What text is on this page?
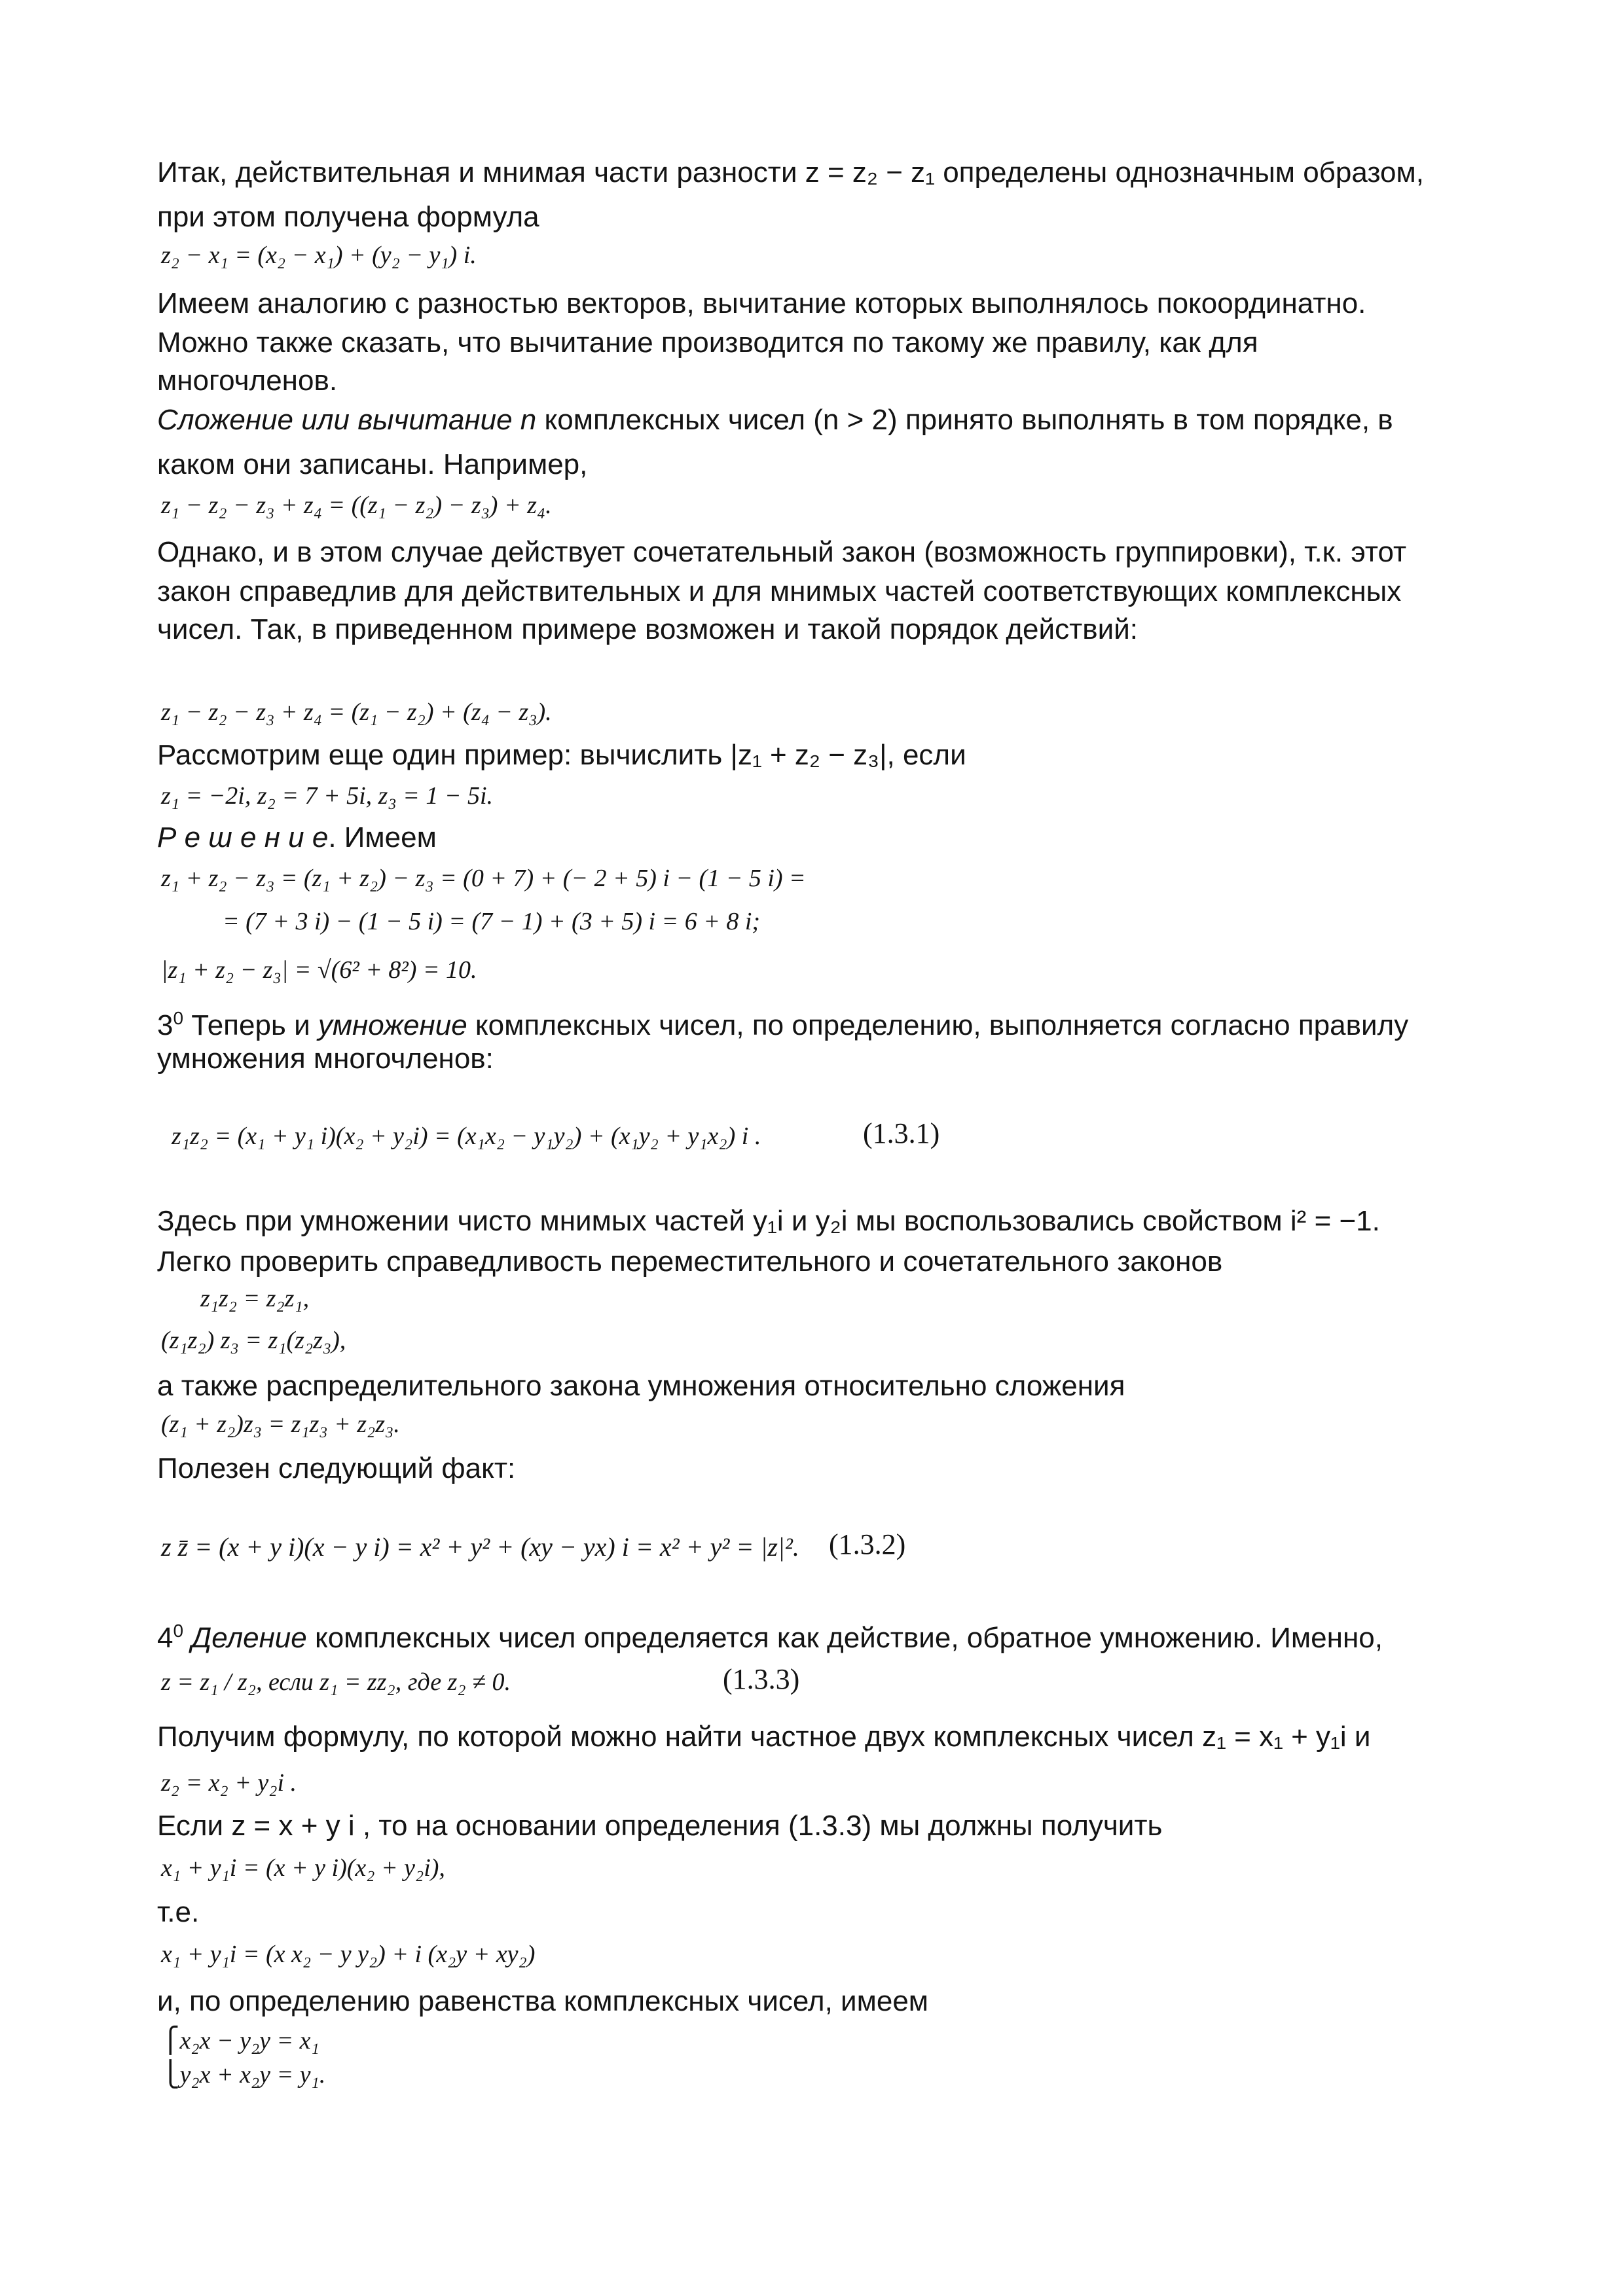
Итак, действительная и мнимая части разности z = z₂ − z₁ определены однозначным образом,
при этом получена формула
z₂ − x₁ = (x₂ − x₁) + (y₂ − y₁) i.
Имеем аналогию с разностью векторов, вычитание которых выполнялось покоординатно.
Можно также сказать, что вычитание производится по такому же правилу, как для
многочленов.
Сложение или вычитание n комплексных чисел (n > 2) принято выполнять в том порядке, в
каком они записаны. Например,
z₁ − z₂ − z₃ + z₄ = ((z₁ − z₂) − z₃) + z₄.
Однако, и в этом случае действует сочетательный закон (возможность группировки), т.к. этот
закон справедлив для действительных и для мнимых частей соответствующих комплексных
чисел. Так, в приведенном примере возможен и такой порядок действий:
z₁ − z₂ − z₃ + z₄ = (z₁ − z₂) + (z₄ − z₃).
Рассмотрим еще один пример: вычислить |z₁ + z₂ − z₃|, если
z₁ = −2i, z₂ = 7 + 5i, z₃ = 1 − 5i.
Р е ш е н и е. Имеем
z₁ + z₂ − z₃ = (z₁ + z₂) − z₃ = (0 + 7) + (− 2 + 5) i − (1 − 5 i) =
= (7 + 3 i) − (1 − 5 i) = (7 − 1) + (3 + 5) i = 6 + 8 i;
|z₁ + z₂ − z₃| = √(6² + 8²) = 10.
$3^0$ Теперь и умножение комплексных чисел, по определению, выполняется согласно правилу
умножения многочленов:
z₁z₂ = (x₁ + y₁ i)(x₂ + y₂i) = (x₁x₂ − y₁y₂) + (x₁y₂ + y₁x₂) i .	(1.3.1)
Здесь при умножении чисто мнимых частей y₁i и y₂i мы воспользовались свойством i² = −1.
Легко проверить справедливость переместительного и сочетательного законов
z₁z₂ = z₂z₁,
(z₁z₂) z₃ = z₁(z₂z₃),
а также распределительного закона умножения относительно сложения
(z₁ + z₂)z₃ = z₁z₃ + z₂z₃.
Полезен следующий факт:
z z̄ = (x + y i)(x − y i) = x² + y² + (xy − yx) i = x² + y² = |z|². (1.3.2)
$4^0$ Деление комплексных чисел определяется как действие, обратное умножению. Именно,
z = z₁ / z₂, если z₁ = zz₂, где z₂ ≠ 0.	(1.3.3)
Получим формулу, по которой можно найти частное двух комплексных чисел z₁ = x₁ + y₁i и
z₂ = x₂ + y₂i .
Если z = x + y i , то на основании определения (1.3.3) мы должны получить
x₁ + y₁i = (x + y i)(x₂ + y₂i),
т.е.
x₁ + y₁i = (x x₂ − y y₂) + i (x₂y + xy₂)
и, по определению равенства комплексных чисел, имеем
⎧x₂x − y₂y = x₁
⎩y₂x + x₂y = y₁.
